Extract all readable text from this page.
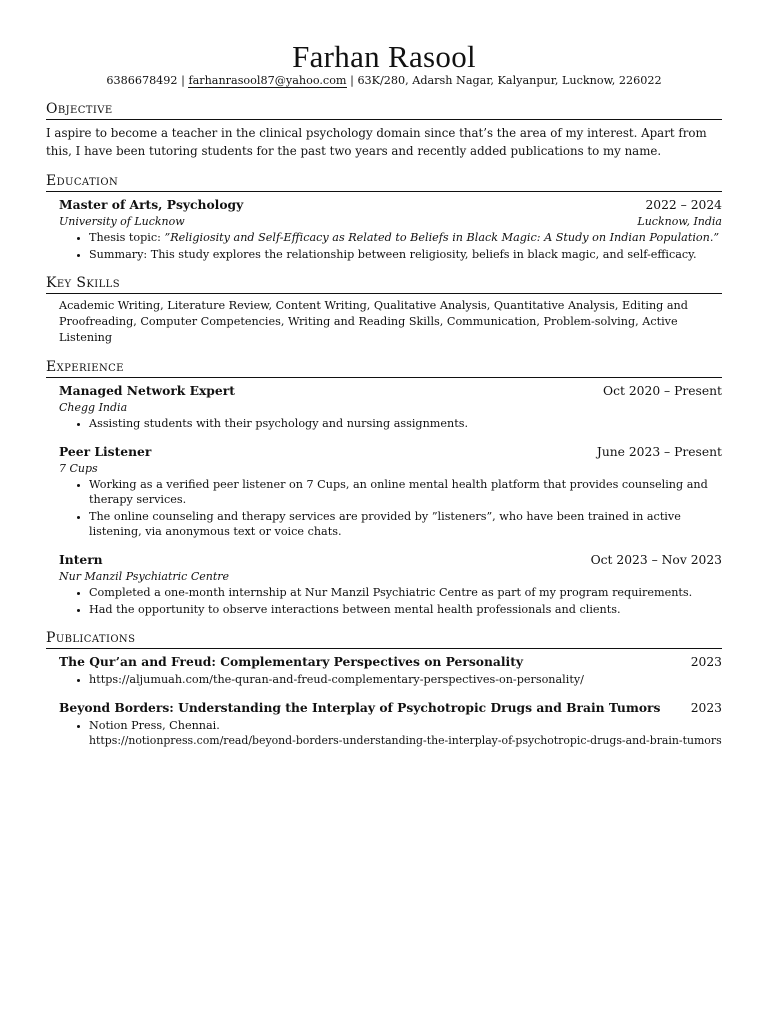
Farhan Rasool
6386678492 | farhanrasool87@yahoo.com | 63K/280, Adarsh Nagar, Kalyanpur, Lucknow, 226022
Objective
I aspire to become a teacher in the clinical psychology domain since that’s the area of my interest. Apart from this, I have been tutoring students for the past two years and recently added publications to my name.
Education
Master of Arts, Psychology	2022 – 2024
University of Lucknow	Lucknow, India
• Thesis topic: ”Religiosity and Self-Efficacy as Related to Beliefs in Black Magic: A Study on Indian Population.”
• Summary: This study explores the relationship between religiosity, beliefs in black magic, and self-efficacy.
Key Skills
Academic Writing, Literature Review, Content Writing, Qualitative Analysis, Quantitative Analysis, Editing and Proofreading, Computer Competencies, Writing and Reading Skills, Communication, Problem-solving, Active Listening
Experience
Managed Network Expert	Oct 2020 – Present
Chegg India
• Assisting students with their psychology and nursing assignments.
Peer Listener	June 2023 – Present
7 Cups
• Working as a verified peer listener on 7 Cups, an online mental health platform that provides counseling and therapy services.
• The online counseling and therapy services are provided by ”listeners”, who have been trained in active listening, via anonymous text or voice chats.
Intern	Oct 2023 – Nov 2023
Nur Manzil Psychiatric Centre
• Completed a one-month internship at Nur Manzil Psychiatric Centre as part of my program requirements.
• Had the opportunity to observe interactions between mental health professionals and clients.
Publications
The Qur’an and Freud: Complementary Perspectives on Personality	2023
• https://aljumuah.com/the-quran-and-freud-complementary-perspectives-on-personality/
Beyond Borders: Understanding the Interplay of Psychotropic Drugs and Brain Tumors 2023
• Notion Press, Chennai.
https://notionpress.com/read/beyond-borders-understanding-the-interplay-of-psychotropic-drugs-and-brain-tumors
